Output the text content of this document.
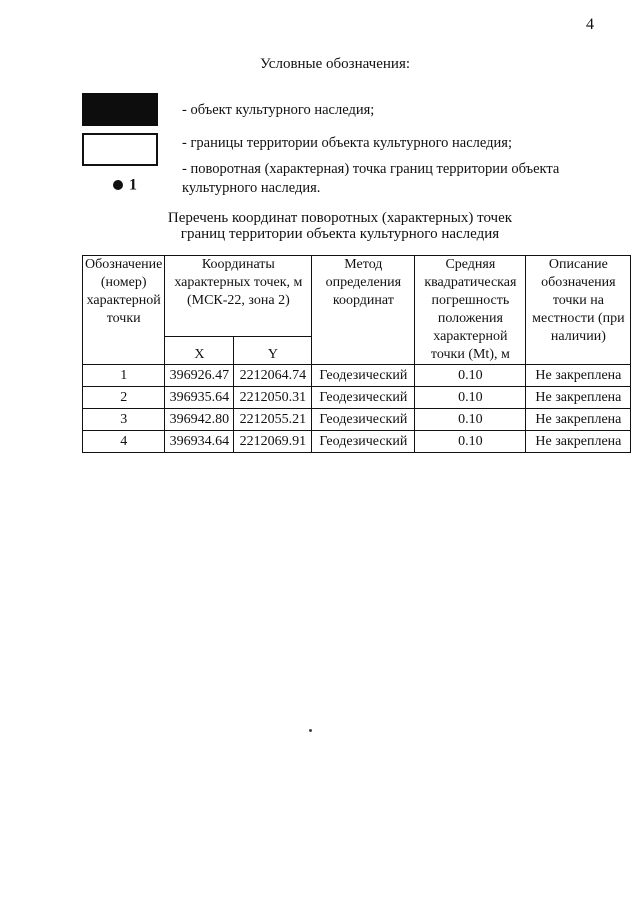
4
Условные обозначения:
- объект культурного наследия;
- границы территории объекта культурного наследия;
1
- поворотная (характерная) точка границ территории объекта культурного наследия.
Перечень координат поворотных (характерных) точек
границ территории объекта культурного наследия
Обозначение (номер) характерной точки	Координаты характерных точек, м (МСК-22, зона 2)		Метод определения координат	Средняя квадратическая погрешность положения характерной точки (Mt), м	Описание обозначения точки на местности (при наличии)
	X	Y			
1	396926.47	2212064.74	Геодезический	0.10	Не закреплена
2	396935.64	2212050.31	Геодезический	0.10	Не закреплена
3	396942.80	2212055.21	Геодезический	0.10	Не закреплена
4	396934.64	2212069.91	Геодезический	0.10	Не закреплена
